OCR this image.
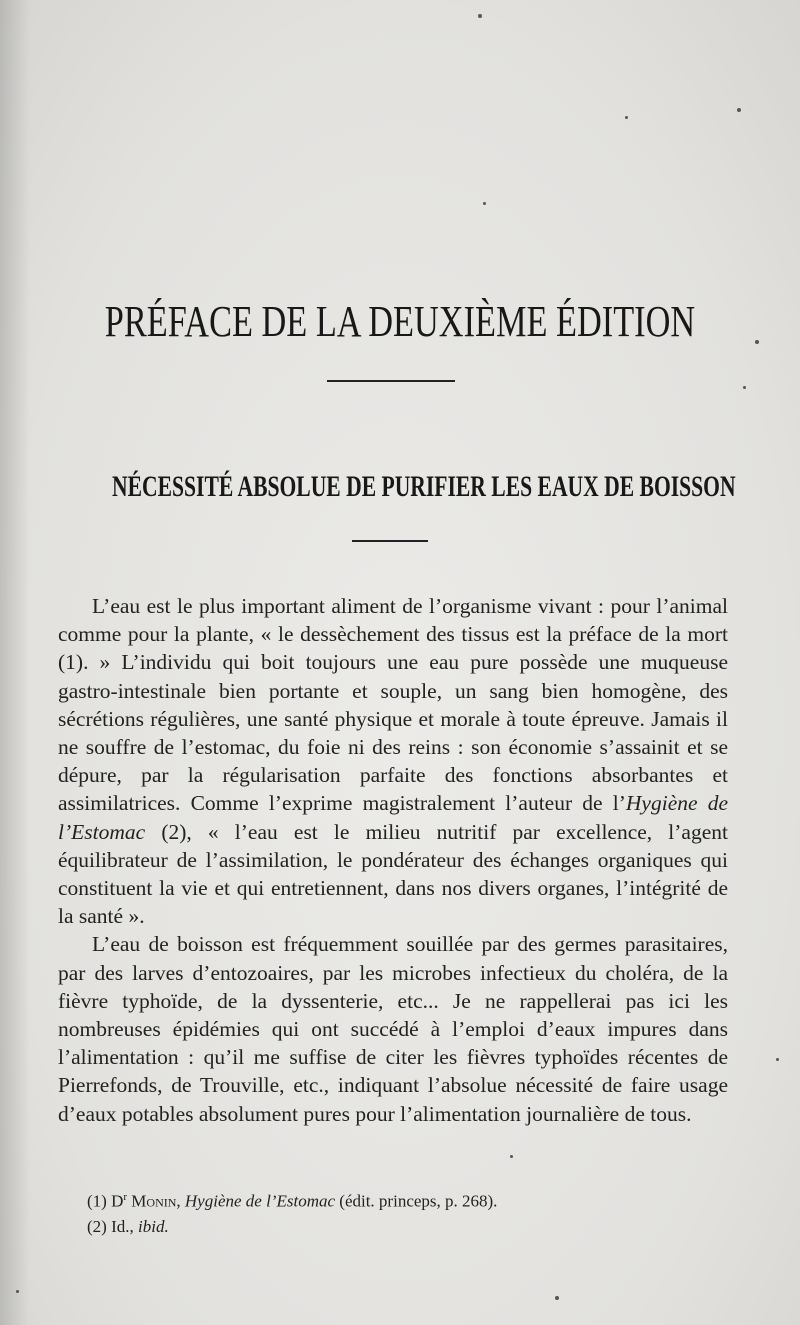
PRÉFACE DE LA DEUXIÈME ÉDITION
NÉCESSITÉ ABSOLUE DE PURIFIER LES EAUX DE BOISSON

L’eau est le plus important aliment de l’organisme vivant : pour l’animal comme pour la plante, « le dessèchement des tissus est la préface de la mort (1). » L’individu qui boit toujours une eau pure possède une muqueuse gastro-intestinale bien portante et souple, un sang bien homogène, des sécrétions régulières, une santé physique et morale à toute épreuve. Jamais il ne souffre de l’estomac, du foie ni des reins : son économie s’assainit et se dépure, par la régularisation parfaite des fonctions absorbantes et assimilatrices. Comme l’exprime magistralement l’auteur de l’Hygiène de l’Estomac (2), « l’eau est le milieu nutritif par excellence, l’agent équilibrateur de l’assimilation, le pondérateur des échanges organiques qui constituent la vie et qui entretiennent, dans nos divers organes, l’intégrité de la santé ».

L’eau de boisson est fréquemment souillée par des germes parasitaires, par des larves d’entozoaires, par les microbes infectieux du choléra, de la fièvre typhoïde, de la dyssenterie, etc... Je ne rappellerai pas ici les nombreuses épidémies qui ont succédé à l’emploi d’eaux impures dans l’alimentation : qu’il me suffise de citer les fièvres typhoïdes récentes de Pierrefonds, de Trouville, etc., indiquant l’absolue nécessité de faire usage d’eaux potables absolument pures pour l’alimentation journalière de tous.

(1) $D^r$ Monin, Hygiène de l’Estomac (édit. princeps, p. 268).

(2) Id., ibid.
